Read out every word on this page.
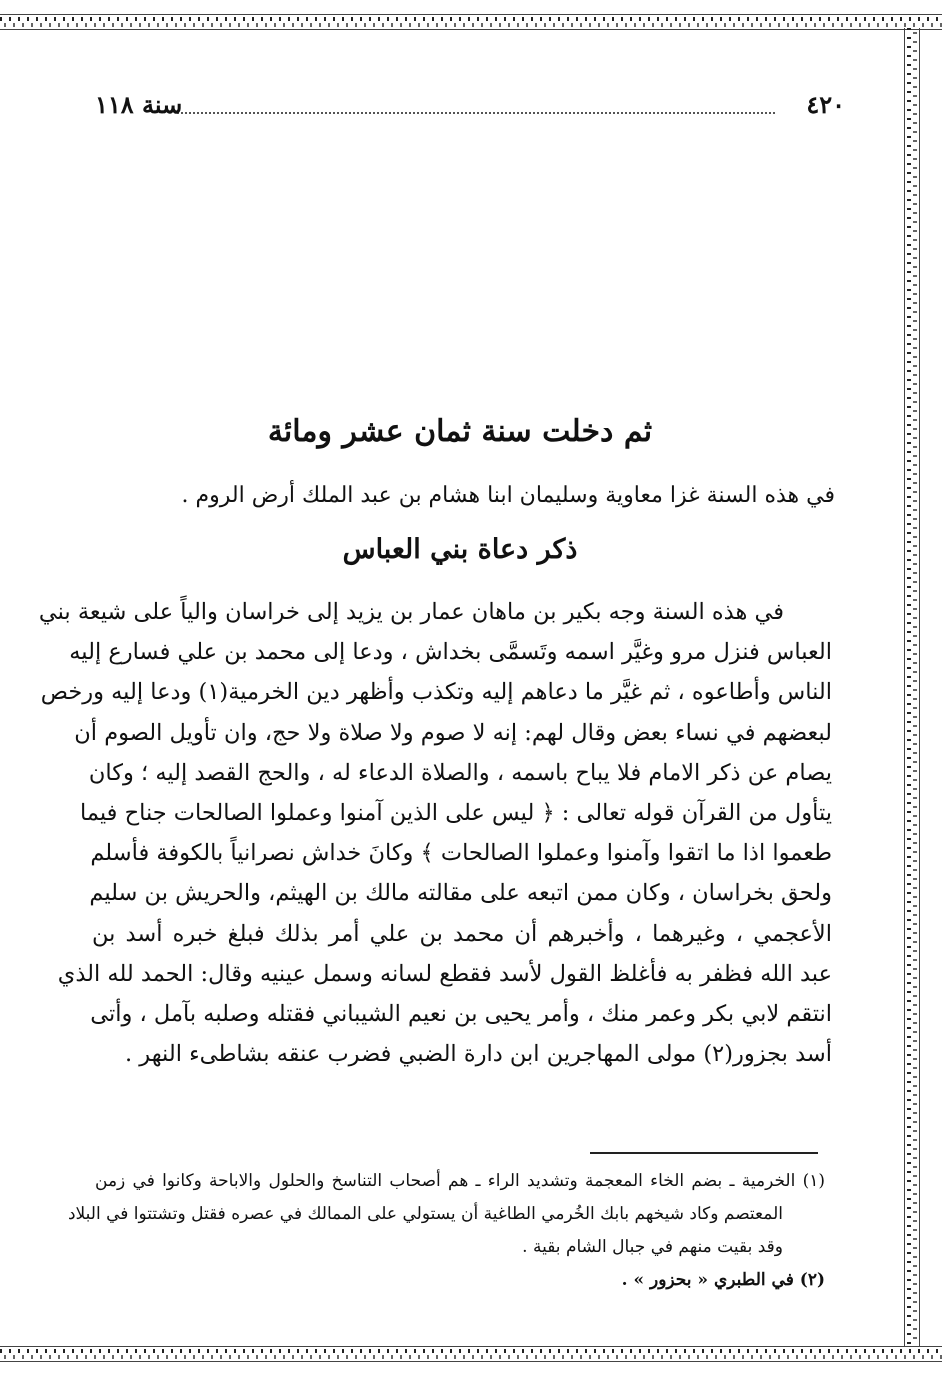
٤٢٠
سنة ١١٨
ثم دخلت سنة ثمان عشر ومائة
في هذه السنة غزا معاوية وسليمان ابنا هشام بن عبد الملك أرض الروم .
ذكر دعاة بني العباس
في هذه السنة وجه بكير بن ماهان عمار بن يزيد إلى خراسان والياً على شيعة بني
العباس فنزل مرو وغيَّر اسمه وتَسمَّى بخداش ، ودعا إلى محمد بن علي فسارع إليه
الناس وأطاعوه ، ثم غيَّر ما دعاهم إليه وتكذب وأظهر دين الخرمية(١) ودعا إليه ورخص
لبعضهم في نساء بعض وقال لهم: إنه لا صوم ولا صلاة ولا حج، وان تأويل الصوم أن
يصام عن ذكر الامام فلا يباح باسمه ، والصلاة الدعاء له ، والحج القصد إليه ؛ وكان
يتأول من القرآن قوله تعالى : ﴿ ليس على الذين آمنوا وعملوا الصالحات جناح فيما
طعموا اذا ما اتقوا وآمنوا وعملوا الصالحات ﴾ وكانَ خداش نصرانياً بالكوفة فأسلم
ولحق بخراسان ، وكان ممن اتبعه على مقالته مالك بن الهيثم، والحريش بن سليم
الأعجمي ، وغيرهما ، وأخبرهم أن محمد بن علي أمر بذلك فبلغ خبره أسد بن
عبد الله فظفر به فأغلظ القول لأسد فقطع لسانه وسمل عينيه وقال: الحمد لله الذي
انتقم لابي بكر وعمر منك ، وأمر يحيى بن نعيم الشيباني فقتله وصلبه بآمل ، وأتى
أسد بجزور(٢) مولى المهاجرين ابن دارة الضبي فضرب عنقه بشاطىء النهر .
(١) الخرمية ـ بضم الخاء المعجمة وتشديد الراء ـ هم أصحاب التناسخ والحلول والاباحة وكانوا في زمن
المعتصم وكاد شيخهم بابك الخُرمي الطاغية أن يستولي على الممالك في عصره فقتل وتشتتوا في البلاد
وقد بقيت منهم في جبال الشام بقية .
(٢) في الطبري « بحزور » .
